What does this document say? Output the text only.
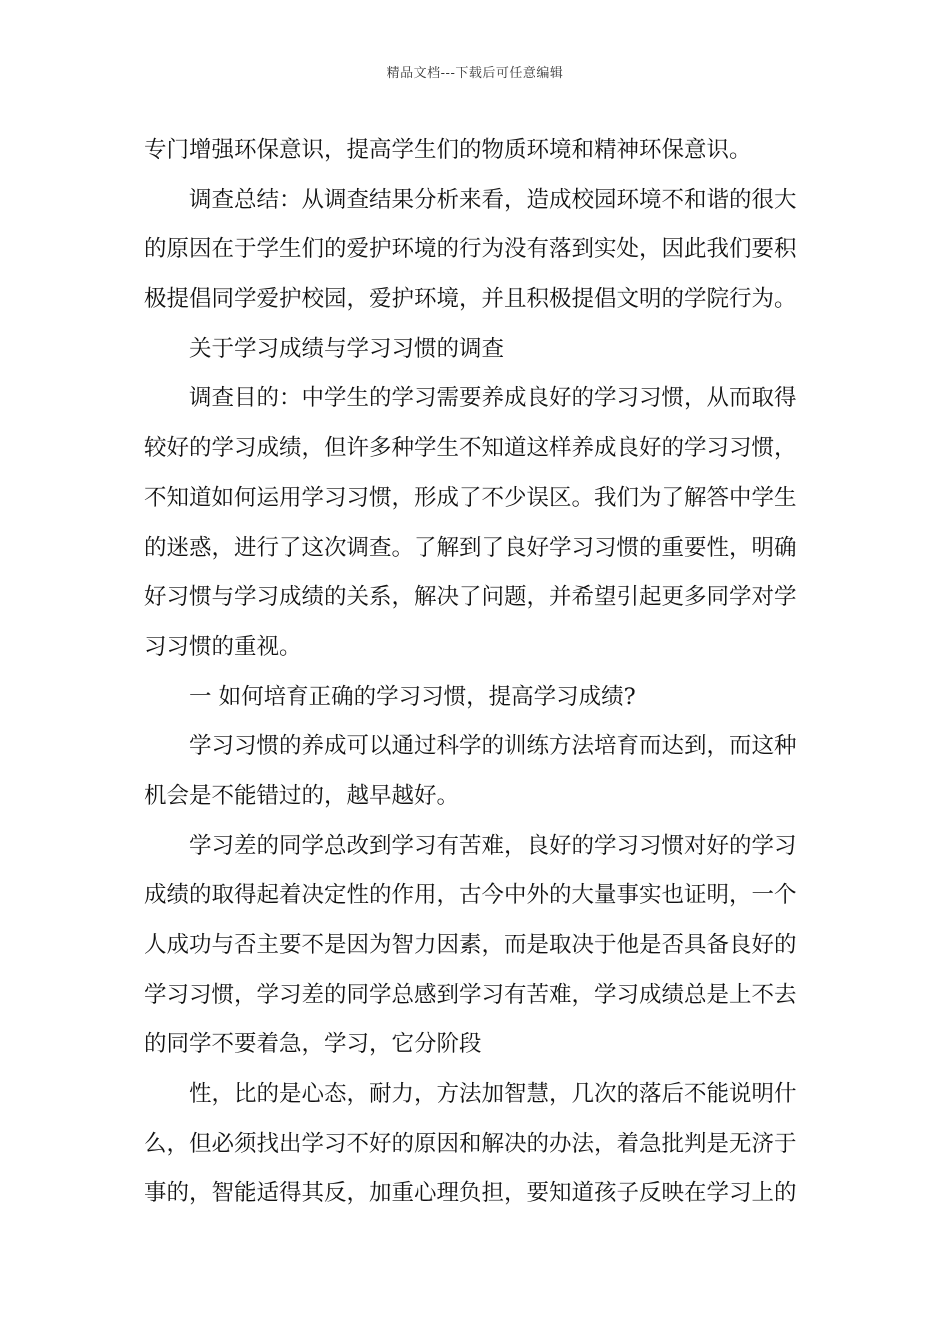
精品文档---下载后可任意编辑
专门增强环保意识，提高学生们的物质环境和精神环保意识。
调查总结：从调查结果分析来看，造成校园环境不和谐的很大
的原因在于学生们的爱护环境的行为没有落到实处，因此我们要积
极提倡同学爱护校园，爱护环境，并且积极提倡文明的学院行为。
关于学习成绩与学习习惯的调查
调查目的：中学生的学习需要养成良好的学习习惯，从而取得
较好的学习成绩，但许多种学生不知道这样养成良好的学习习惯，
不知道如何运用学习习惯，形成了不少误区。我们为了解答中学生
的迷惑，进行了这次调查。了解到了良好学习习惯的重要性，明确
好习惯与学习成绩的关系，解决了问题，并希望引起更多同学对学
习习惯的重视。
一 如何培育正确的学习习惯，提高学习成绩?
学习习惯的养成可以通过科学的训练方法培育而达到，而这种
机会是不能错过的，越早越好。
学习差的同学总改到学习有苦难，良好的学习习惯对好的学习
成绩的取得起着决定性的作用，古今中外的大量事实也证明，一个
人成功与否主要不是因为智力因素，而是取决于他是否具备良好的
学习习惯，学习差的同学总感到学习有苦难，学习成绩总是上不去
的同学不要着急，学习，它分阶段
性，比的是心态，耐力，方法加智慧，几次的落后不能说明什
么，但必须找出学习不好的原因和解决的办法，着急批判是无济于
事的，智能适得其反，加重心理负担，要知道孩子反映在学习上的
